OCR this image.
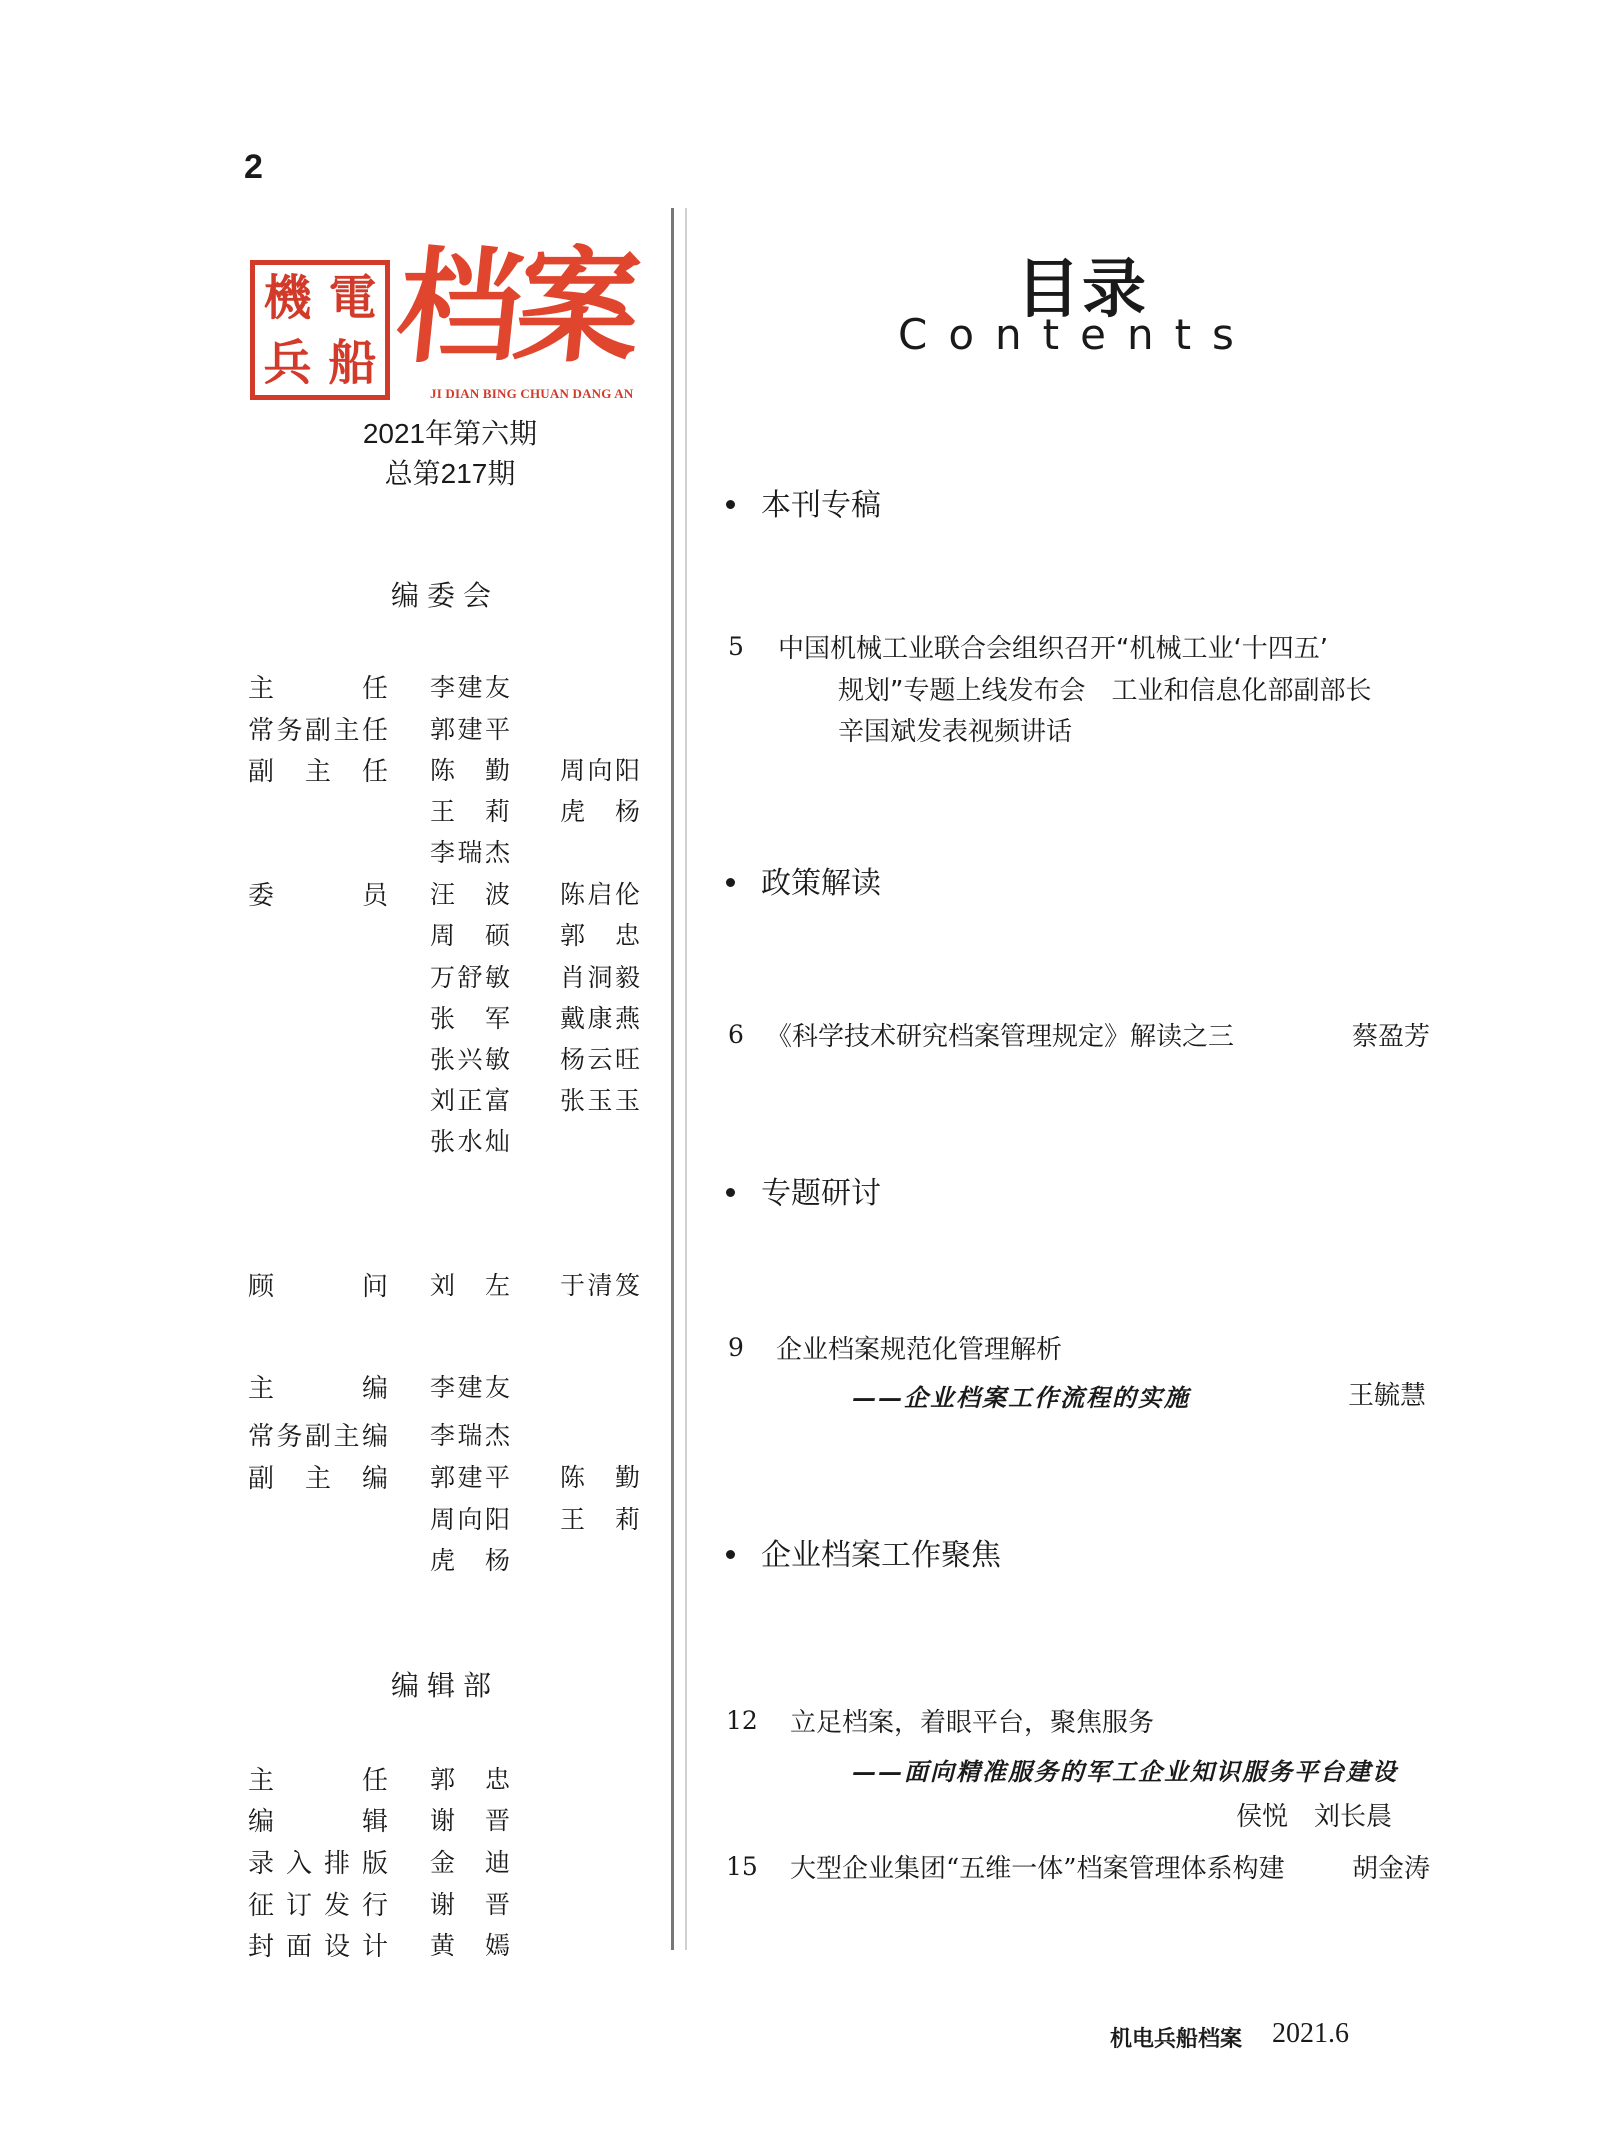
2
機 電
兵 船 档案
JI DIAN BING CHUAN DANG AN
2021年第六期
总第217期
编委会
主任 李建友
常务副主任 郭建平
副主任 陈勤 周向阳
王莉 虎杨
李瑞杰
委员 汪波 陈启伦
周硕 郭忠
万舒敏 肖洞毅
张军 戴康燕
张兴敏 杨云旺
刘正富 张玉玉
张水灿
顾问 刘左 于清笈
主编 李建友
常务副主编 李瑞杰
副主编 郭建平 陈勤
周向阳 王莉
虎杨
编辑部
主任 郭忠
编辑 谢晋
录入排版 金迪
征订发行 谢晋
封面设计 黄嫣
目录
Contents
本刊专稿
5 中国机械工业联合会组织召开“机械工业‘十四五’
规划”专题上线发布会　工业和信息化部副部长
辛国斌发表视频讲话
政策解读
6 《科学技术研究档案管理规定》解读之三	蔡盈芳
专题研讨
9 企业档案规范化管理解析
——企业档案工作流程的实施	王毓慧
企业档案工作聚焦
12 立足档案，着眼平台，聚焦服务
——面向精准服务的军工企业知识服务平台建设
侯悦　刘长晨
15 大型企业集团“五维一体”档案管理体系构建	胡金涛
机电兵船档案 2021.6
